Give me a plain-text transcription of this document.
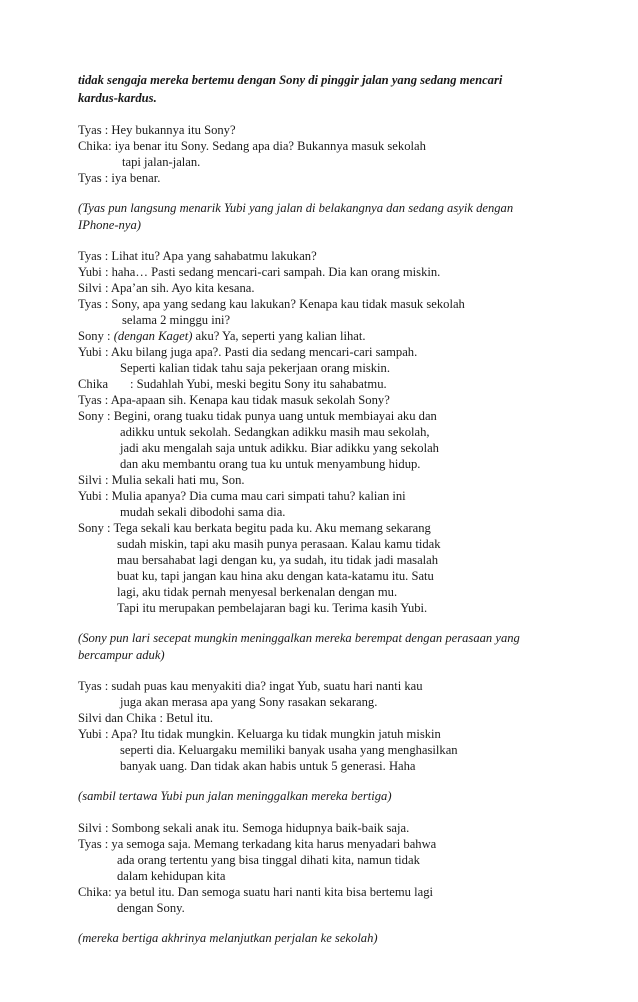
tidak sengaja mereka bertemu dengan Sony di pinggir jalan yang sedang mencari
kardus-kardus.
Tyas : Hey bukannya itu Sony?
Chika: iya benar itu Sony. Sedang apa dia? Bukannya masuk sekolah
tapi jalan-jalan.
Tyas : iya benar.
(Tyas pun langsung menarik Yubi yang jalan di belakangnya dan sedang asyik dengan
IPhone-nya)
Tyas : Lihat itu? Apa yang sahabatmu lakukan?
Yubi : haha… Pasti sedang mencari-cari sampah. Dia kan orang miskin.
Silvi : Apa’an sih. Ayo kita kesana.
Tyas : Sony, apa yang sedang kau lakukan? Kenapa kau tidak masuk sekolah
selama 2 minggu ini?
Sony : (dengan Kaget) aku? Ya, seperti yang kalian lihat.
Yubi : Aku bilang juga apa?. Pasti dia sedang mencari-cari sampah.
Seperti kalian tidak tahu saja pekerjaan orang miskin.
Chika : Sudahlah Yubi, meski begitu Sony itu sahabatmu.
Tyas : Apa-apaan sih. Kenapa kau tidak masuk sekolah Sony?
Sony : Begini, orang tuaku tidak punya uang untuk membiayai aku dan
adikku untuk sekolah. Sedangkan adikku masih mau sekolah,
jadi aku mengalah saja untuk adikku. Biar adikku yang sekolah
dan aku membantu orang tua ku untuk menyambung hidup.
Silvi : Mulia sekali hati mu, Son.
Yubi : Mulia apanya? Dia cuma mau cari simpati tahu? kalian ini
mudah sekali dibodohi sama dia.
Sony : Tega sekali kau berkata begitu pada ku. Aku memang sekarang
sudah miskin, tapi aku masih punya perasaan. Kalau kamu tidak
mau bersahabat lagi dengan ku, ya sudah, itu tidak jadi masalah
buat ku, tapi jangan kau hina aku dengan kata-katamu itu. Satu
lagi, aku tidak pernah menyesal berkenalan dengan mu.
Tapi itu merupakan pembelajaran bagi ku. Terima kasih Yubi.
(Sony pun lari secepat mungkin meninggalkan mereka berempat dengan perasaan yang
bercampur aduk)
Tyas : sudah puas kau menyakiti dia? ingat Yub, suatu hari nanti kau
juga akan merasa apa yang Sony rasakan sekarang.
Silvi dan Chika : Betul itu.
Yubi : Apa? Itu tidak mungkin. Keluarga ku tidak mungkin jatuh miskin
seperti dia. Keluargaku memiliki banyak usaha yang menghasilkan
banyak uang. Dan tidak akan habis untuk 5 generasi. Haha
(sambil tertawa Yubi pun jalan meninggalkan mereka bertiga)
Silvi : Sombong sekali anak itu. Semoga hidupnya baik-baik saja.
Tyas : ya semoga saja. Memang terkadang kita harus menyadari bahwa
ada orang tertentu yang bisa tinggal dihati kita, namun tidak
dalam kehidupan kita
Chika: ya betul itu. Dan semoga suatu hari nanti kita bisa bertemu lagi
dengan Sony.
(mereka bertiga akhrinya melanjutkan perjalan ke sekolah)
